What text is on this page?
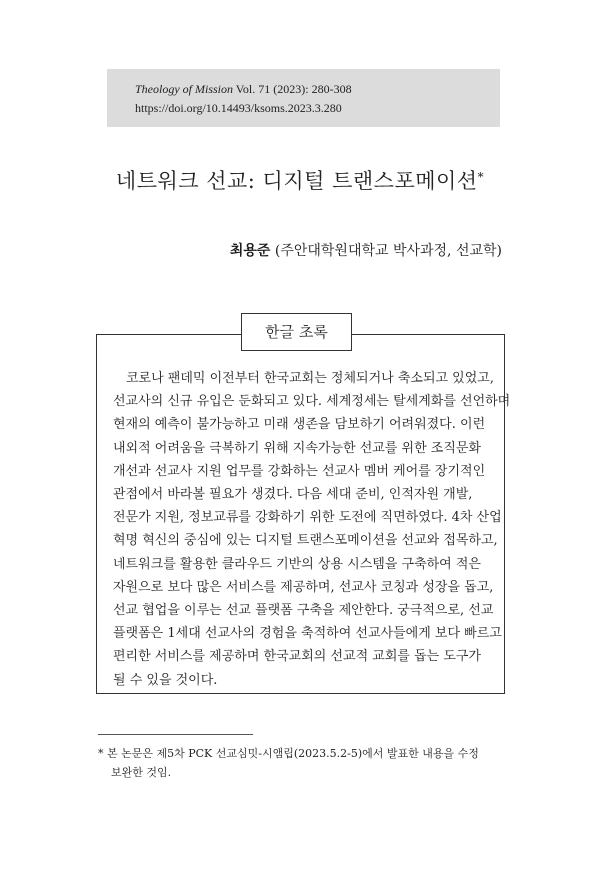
Theology of Mission Vol. 71 (2023): 280-308
https://doi.org/10.14493/ksoms.2023.3.280
네트워크 선교: 디지털 트랜스포메이션*
최용준 (주안대학원대학교 박사과정, 선교학)
한글 초록
코로나 팬데믹 이전부터 한국교회는 정체되거나 축소되고 있었고,
선교사의 신규 유입은 둔화되고 있다. 세계정세는 탈세계화를 선언하며
현재의 예측이 불가능하고 미래 생존을 담보하기 어려워졌다. 이런
내외적 어려움을 극복하기 위해 지속가능한 선교를 위한 조직문화
개선과 선교사 지원 업무를 강화하는 선교사 멤버 케어를 장기적인
관점에서 바라볼 필요가 생겼다. 다음 세대 준비, 인적자원 개발,
전문가 지원, 정보교류를 강화하기 위한 도전에 직면하였다. 4차 산업
혁명 혁신의 중심에 있는 디지털 트랜스포메이션을 선교와 접목하고,
네트워크를 활용한 클라우드 기반의 상용 시스템을 구축하여 적은
자원으로 보다 많은 서비스를 제공하며, 선교사 코칭과 성장을 돕고,
선교 협업을 이루는 선교 플랫폼 구축을 제안한다. 궁극적으로, 선교
플랫폼은 1세대 선교사의 경험을 축적하여 선교사들에게 보다 빠르고
편리한 서비스를 제공하며 한국교회의 선교적 교회를 돕는 도구가
될 수 있을 것이다.
* 본 논문은 제5차 PCK 선교심밋-시앰립(2023.5.2-5)에서 발표한 내용을 수정
보완한 것임.
